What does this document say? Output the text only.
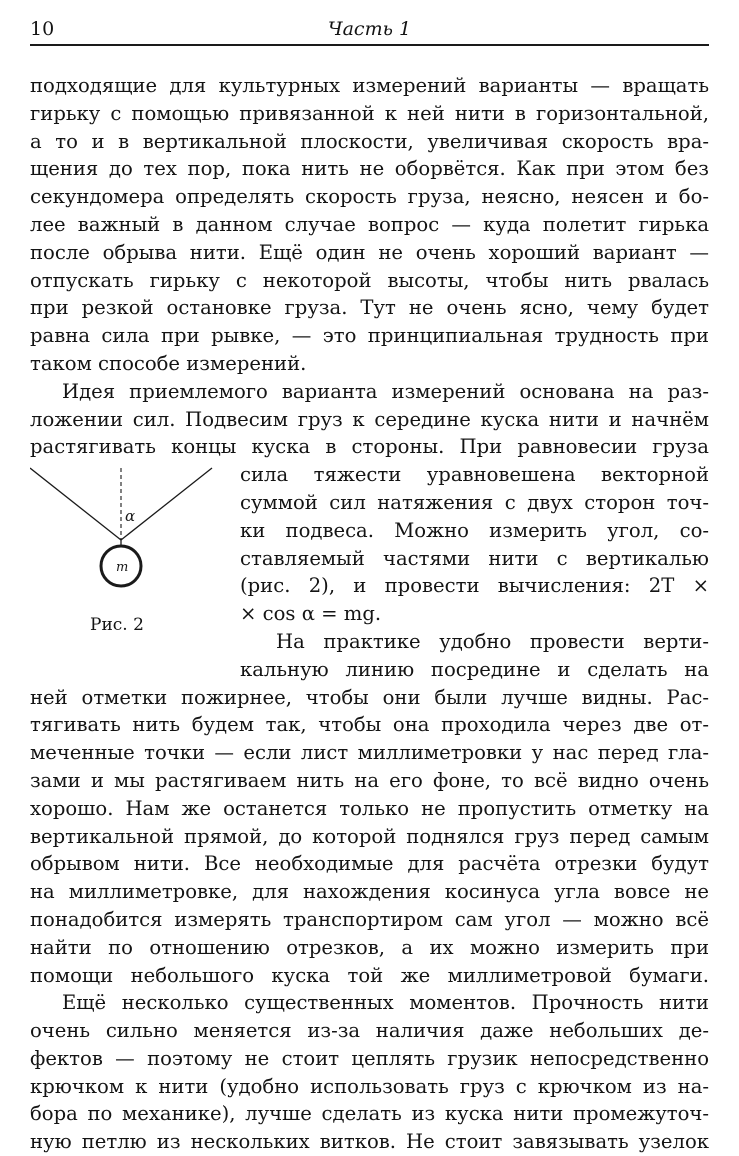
10	Часть 1
подходящие для культурных измерений варианты — вращать
гирьку с помощью привязанной к ней нити в горизонтальной,
а то и в вертикальной плоскости, увеличивая скорость вра-
щения до тех пор, пока нить не оборвётся. Как при этом без
секундомера определять скорость груза, неясно, неясен и бо-
лее важный в данном случае вопрос — куда полетит гирька
после обрыва нити. Ещё один не очень хороший вариант —
отпускать гирьку с некоторой высоты, чтобы нить рвалась
при резкой остановке груза. Тут не очень ясно, чему будет
равна сила при рывке, — это принципиальная трудность при
таком способе измерений.
Идея приемлемого варианта измерений основана на раз-
ложении сил. Подвесим груз к середине куска нити и начнём
растягивать концы куска в стороны. При равновесии груза
α
m
Рис. 2
сила тяжести уравновешена векторной
суммой сил натяжения с двух сторон точ-
ки подвеса. Можно измерить угол, со-
ставляемый частями нити с вертикалью
(рис. 2), и провести вычисления: 2T ×
× cos α = mg.
На практике удобно провести верти-
кальную линию посредине и сделать на
ней отметки пожирнее, чтобы они были лучше видны. Рас-
тягивать нить будем так, чтобы она проходила через две от-
меченные точки — если лист миллиметровки у нас перед гла-
зами и мы растягиваем нить на его фоне, то всё видно очень
хорошо. Нам же останется только не пропустить отметку на
вертикальной прямой, до которой поднялся груз перед самым
обрывом нити. Все необходимые для расчёта отрезки будут
на миллиметровке, для нахождения косинуса угла вовсе не
понадобится измерять транспортиром сам угол — можно всё
найти по отношению отрезков, а их можно измерить при
помощи небольшого куска той же миллиметровой бумаги.
Ещё несколько существенных моментов. Прочность нити
очень сильно меняется из-за наличия даже небольших де-
фектов — поэтому не стоит цеплять грузик непосредственно
крючком к нити (удобно использовать груз с крючком из на-
бора по механике), лучше сделать из куска нити промежуточ-
ную петлю из нескольких витков. Не стоит завязывать узелок
